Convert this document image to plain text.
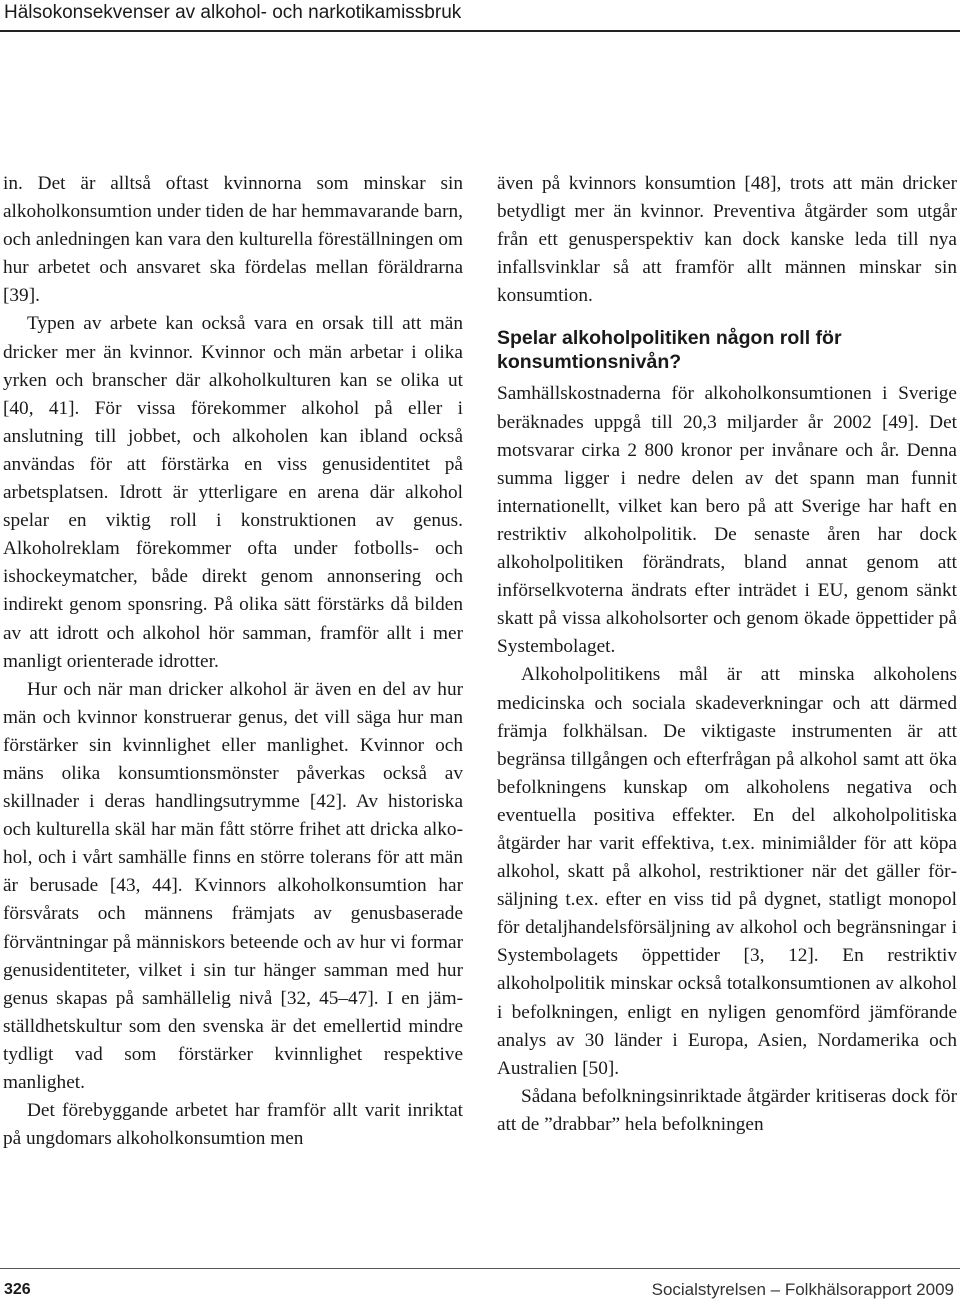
Hälsokonsekvenser av alkohol- och narkotikamissbruk

in. Det är alltså oftast kvinnorna som minskar sin alkoholkonsumtion under tiden de har hemmavarande barn, och anledningen kan vara den kulturella föreställningen om hur arbetet och ansvaret ska fördelas mellan föräldrarna [39].

Typen av arbete kan också vara en orsak till att män dricker mer än kvinnor. Kvinnor och män arbetar i olika yrken och branscher där alkoholkulturen kan se olika ut [40, 41]. För vissa förekommer alkohol på eller i anslutning till jobbet, och alkoholen kan ibland också användas för att förstärka en viss genusidentitet på arbetsplatsen. Idrott är ytterligare en arena där alkohol spelar en viktig roll i konstruktionen av genus. Alkoholreklam förekommer ofta under fotbolls- och ishockeymatcher, både direkt genom annonsering och indirekt genom sponsring. På olika sätt förstärks då bilden av att idrott och alkohol hör samman, framför allt i mer manligt orienterade idrotter.

Hur och när man dricker alkohol är även en del av hur män och kvinnor konstruerar genus, det vill säga hur man förstärker sin kvinnlighet eller manlighet. Kvinnor och mäns olika konsumtionsmönster påverkas också av skillnader i deras handlingsutrymme [42]. Av historiska och kulturella skäl har män fått större frihet att dricka alkohol, och i vårt samhälle finns en större tolerans för att män är berusade [43, 44]. Kvinnors alkoholkonsumtion har försvårats och männens främjats av genusbaserade förväntningar på människors beteende och av hur vi formar genusidentiteter, vilket i sin tur hänger samman med hur genus skapas på samhällelig nivå [32, 45–47]. I en jämställdhetskultur som den svenska är det emellertid mindre tydligt vad som förstärker kvinnlighet respektive manlighet.

Det förebyggande arbetet har framför allt varit inriktat på ungdomars alkoholkonsumtion men

även på kvinnors konsumtion [48], trots att män dricker betydligt mer än kvinnor. Preventiva åtgärder som utgår från ett genusperspektiv kan dock kanske leda till nya infallsvinklar så att framför allt männen minskar sin konsumtion.

Spelar alkoholpolitiken någon roll för konsumtionsnivån?

Samhällskostnaderna för alkoholkonsumtionen i Sverige beräknades uppgå till 20,3 miljarder år 2002 [49]. Det motsvarar cirka 2 800 kronor per invånare och år. Denna summa ligger i nedre delen av det spann man funnit internationellt, vilket kan bero på att Sverige har haft en restriktiv alkoholpolitik. De senaste åren har dock alkoholpolitiken förändrats, bland annat genom att införselkvoterna ändrats efter inträdet i EU, genom sänkt skatt på vissa alkoholsorter och genom ökade öppettider på Systembolaget.

Alkoholpolitikens mål är att minska alkoholens medicinska och sociala skadeverkningar och att därmed främja folkhälsan. De viktigaste instrumenten är att begränsa tillgången och efterfrågan på alkohol samt att öka befolkningens kunskap om alkoholens negativa och eventuella positiva effekter. En del alkoholpolitiska åtgärder har varit effektiva, t.ex. minimiålder för att köpa alkohol, skatt på alkohol, restriktioner när det gäller försäljning t.ex. efter en viss tid på dygnet, statligt monopol för detaljhandelsförsäljning av alkohol och begränsningar i Systembolagets öppettider [3, 12]. En restriktiv alkoholpolitik minskar också totalkonsumtionen av alkohol i befolkningen, enligt en nyligen genomförd jämförande analys av 30 länder i Europa, Asien, Nordamerika och Australien [50].

Sådana befolkningsinriktade åtgärder kritiseras dock för att de ”drabbar” hela befolkningen

326	Socialstyrelsen – Folkhälsorapport 2009
